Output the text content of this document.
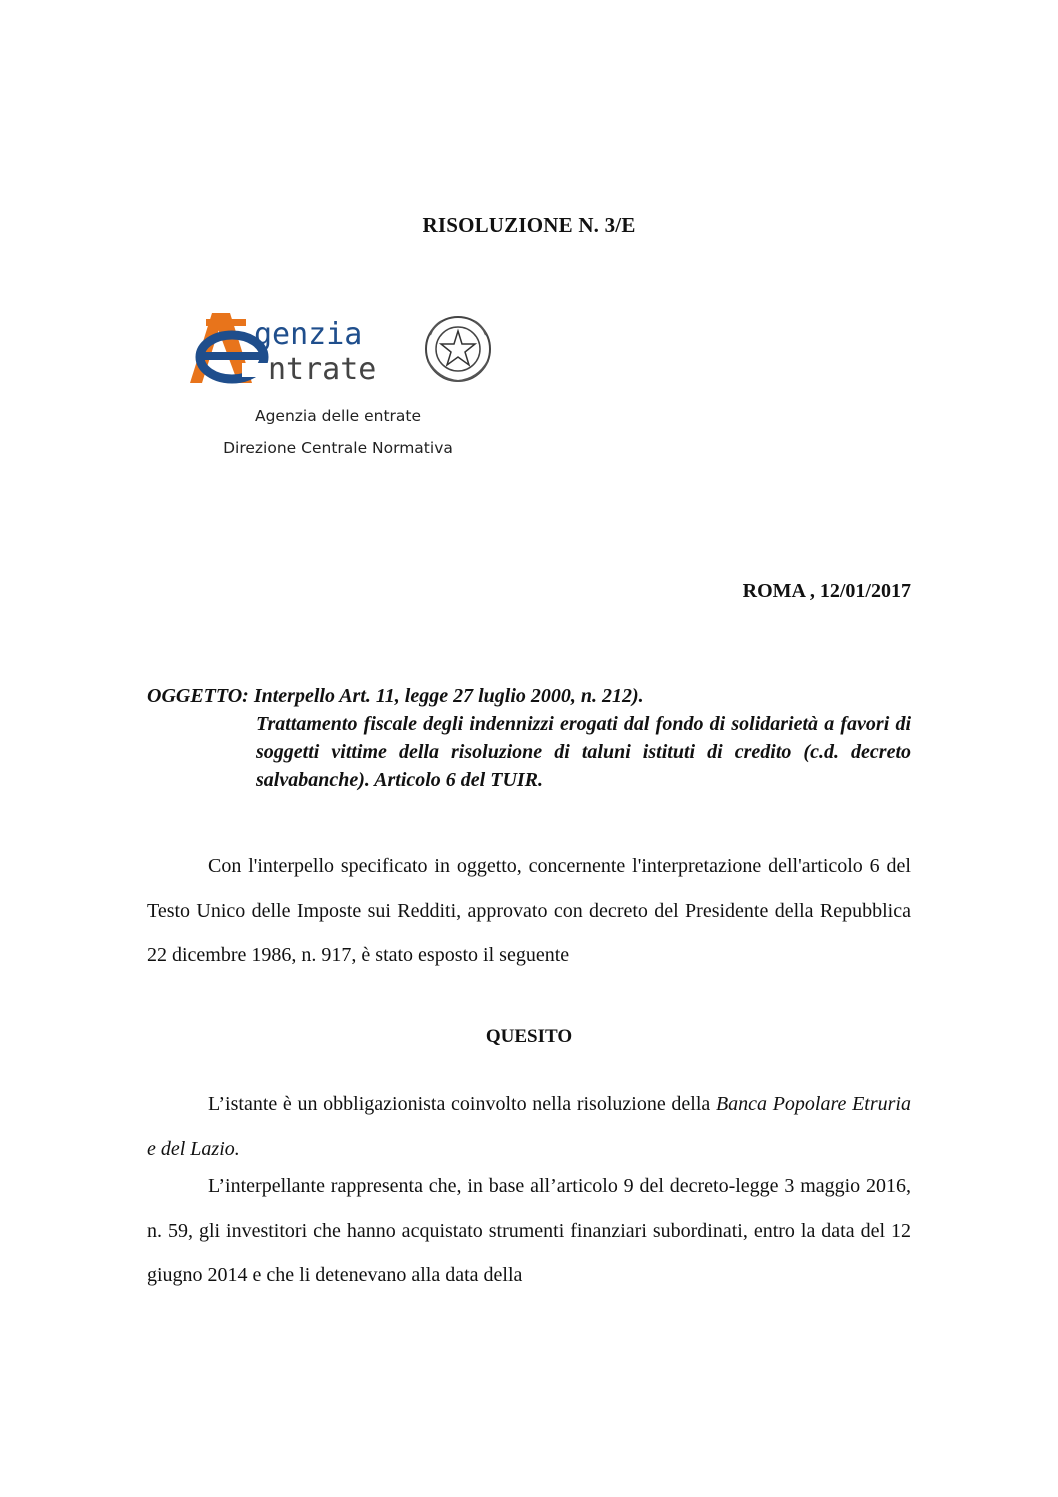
RISOLUZIONE N. 3/E
genzia
ntrate
Agenzia delle entrate
Direzione Centrale Normativa
ROMA , 12/01/2017
OGGETTO: Interpello Art. 11, legge 27 luglio 2000, n. 212).
Trattamento fiscale degli indennizzi erogati dal fondo di solidarietà a favori di soggetti vittime della risoluzione di taluni istituti di credito (c.d. decreto salvabanche). Articolo 6 del TUIR.

Con l'interpello specificato in oggetto, concernente l'interpretazione dell'articolo 6 del Testo Unico delle Imposte sui Redditi, approvato con decreto del Presidente della Repubblica 22 dicembre 1986, n. 917, è stato esposto il seguente

QUESITO

L’istante è un obbligazionista coinvolto nella risoluzione della Banca Popolare Etruria e del Lazio.

L’interpellante rappresenta che, in base all’articolo 9 del decreto-legge 3 maggio 2016, n. 59, gli investitori che hanno acquistato strumenti finanziari subordinati, entro la data del 12 giugno 2014 e che li detenevano alla data della
